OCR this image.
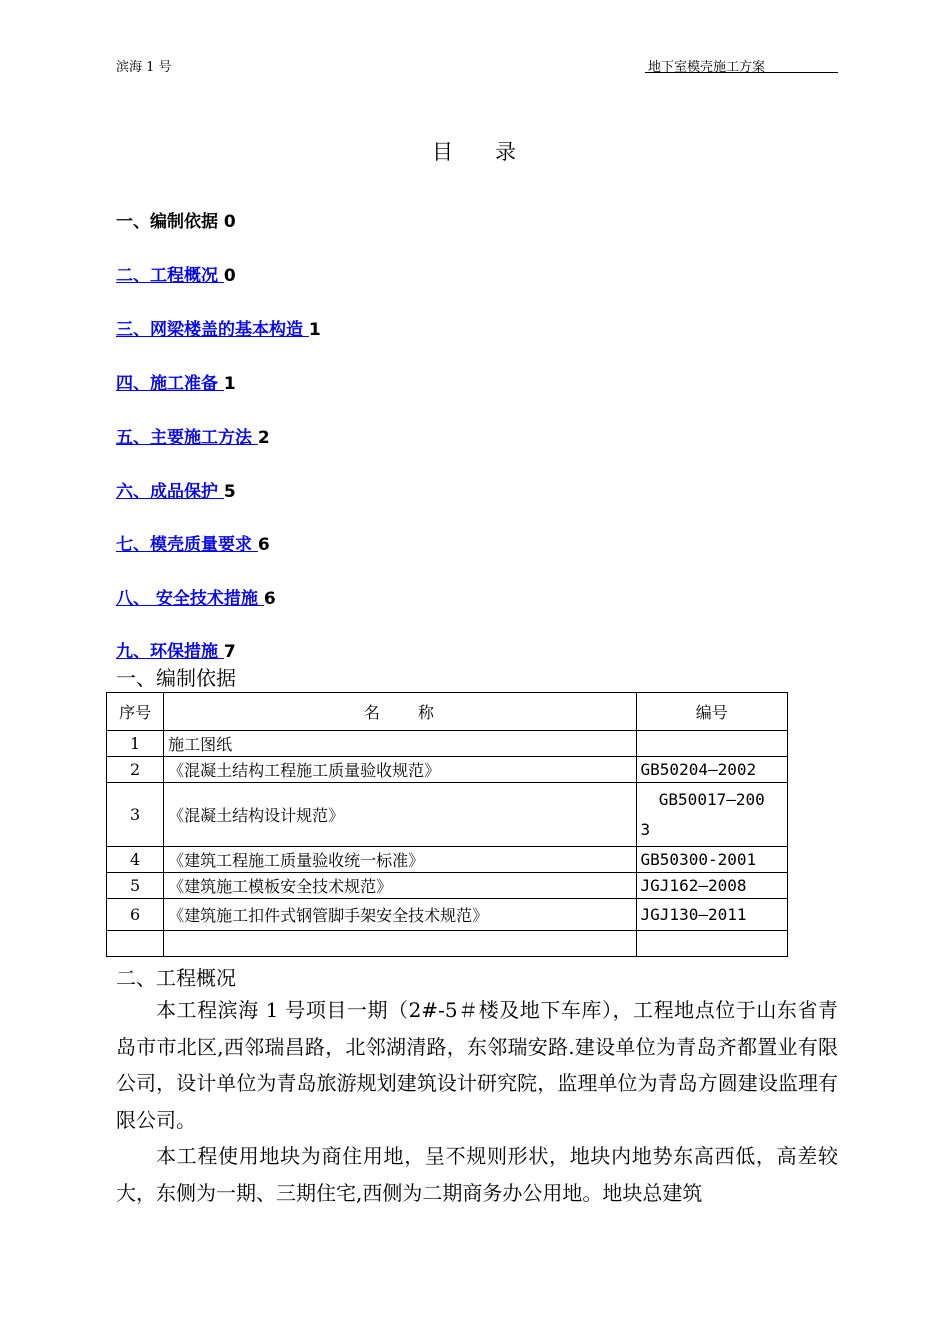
滨海 1 号	地下室模壳施工方案
目 录
一、编制依据 0
二、工程概况 0
三、网梁楼盖的基本构造 1
四、施工准备 1
五、主要施工方法 2
六、成品保护 5
七、模壳质量要求 6
八、 安全技术措施 6
九、环保措施 7
一、编制依据
序号	名 称	编号
1	施工图纸	
2	《混凝土结构工程施工质量验收规范》	GB50204—2002
3	《混凝土结构设计规范》	GB50017—200
3

4	《建筑工程施工质量验收统一标准》	GB50300-2001
5	《建筑施工模板安全技术规范》	JGJ162—2008
6	《建筑施工扣件式钢管脚手架安全技术规范》	JGJ130—2011

二、工程概况
本工程滨海 1 号项目一期（2#-5＃楼及地下车库），工程地点位于山东省青岛市市北区,西邻瑞昌路，北邻湖清路，东邻瑞安路.建设单位为青岛齐都置业有限公司，设计单位为青岛旅游规划建筑设计研究院，监理单位为青岛方圆建设监理有限公司。
本工程使用地块为商住用地，呈不规则形状，地块内地势东高西低，高差较大，东侧为一期、三期住宅,西侧为二期商务办公用地。地块总建筑
